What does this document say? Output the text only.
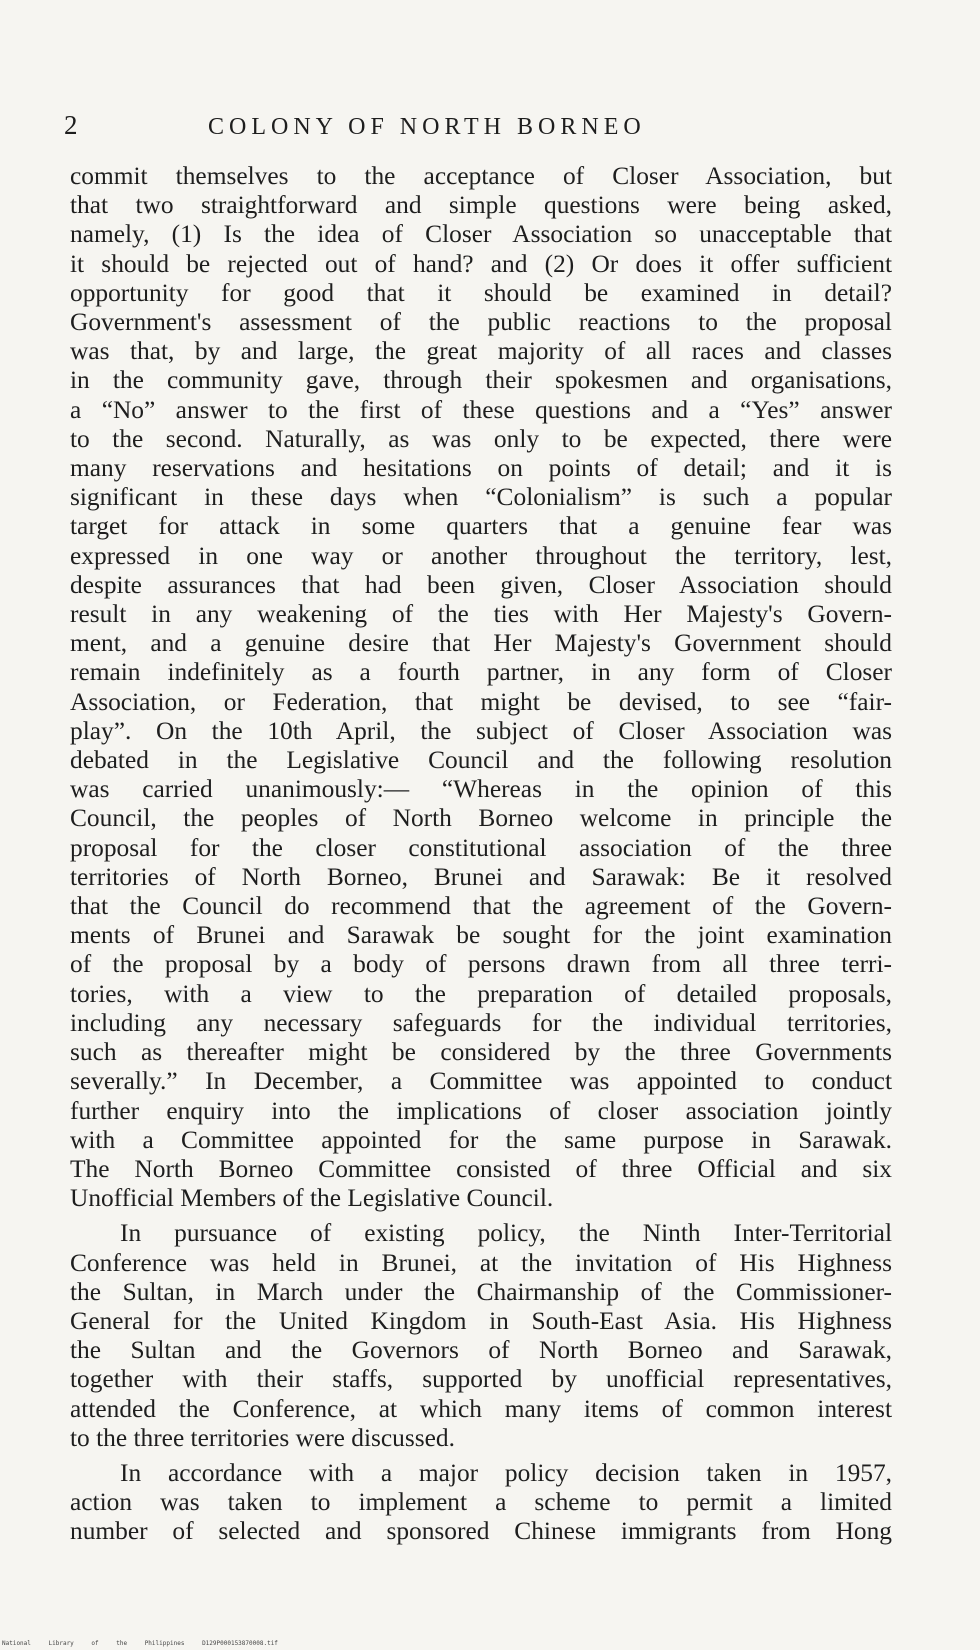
2	COLONY OF NORTH BORNEO

commit themselves to the acceptance of Closer Association, but
that two straightforward and simple questions were being asked,
namely, (1) Is the idea of Closer Association so unacceptable that
it should be rejected out of hand? and (2) Or does it offer sufficient
opportunity for good that it should be examined in detail?
Government's assessment of the public reactions to the proposal
was that, by and large, the great majority of all races and classes
in the community gave, through their spokesmen and organisations,
a “No” answer to the first of these questions and a “Yes” answer
to the second. Naturally, as was only to be expected, there were
many reservations and hesitations on points of detail; and it is
significant in these days when “Colonialism” is such a popular
target for attack in some quarters that a genuine fear was
expressed in one way or another throughout the territory, lest,
despite assurances that had been given, Closer Association should
result in any weakening of the ties with Her Majesty's Govern-
ment, and a genuine desire that Her Majesty's Government should
remain indefinitely as a fourth partner, in any form of Closer
Association, or Federation, that might be devised, to see “fair-
play”. On the 10th April, the subject of Closer Association was
debated in the Legislative Council and the following resolution
was carried unanimously:— “Whereas in the opinion of this
Council, the peoples of North Borneo welcome in principle the
proposal for the closer constitutional association of the three
territories of North Borneo, Brunei and Sarawak: Be it resolved
that the Council do recommend that the agreement of the Govern-
ments of Brunei and Sarawak be sought for the joint examination
of the proposal by a body of persons drawn from all three terri-
tories, with a view to the preparation of detailed proposals,
including any necessary safeguards for the individual territories,
such as thereafter might be considered by the three Governments
severally.” In December, a Committee was appointed to conduct
further enquiry into the implications of closer association jointly
with a Committee appointed for the same purpose in Sarawak.
The North Borneo Committee consisted of three Official and six
Unofficial Members of the Legislative Council.

In pursuance of existing policy, the Ninth Inter-Territorial
Conference was held in Brunei, at the invitation of His Highness
the Sultan, in March under the Chairmanship of the Commissioner-
General for the United Kingdom in South-East Asia. His Highness
the Sultan and the Governors of North Borneo and Sarawak,
together with their staffs, supported by unofficial representatives,
attended the Conference, at which many items of common interest
to the three territories were discussed.

In accordance with a major policy decision taken in 1957,
action was taken to implement a scheme to permit a limited
number of selected and sponsored Chinese immigrants from Hong

National Library of the Philippines	D129P000153870008.tif
